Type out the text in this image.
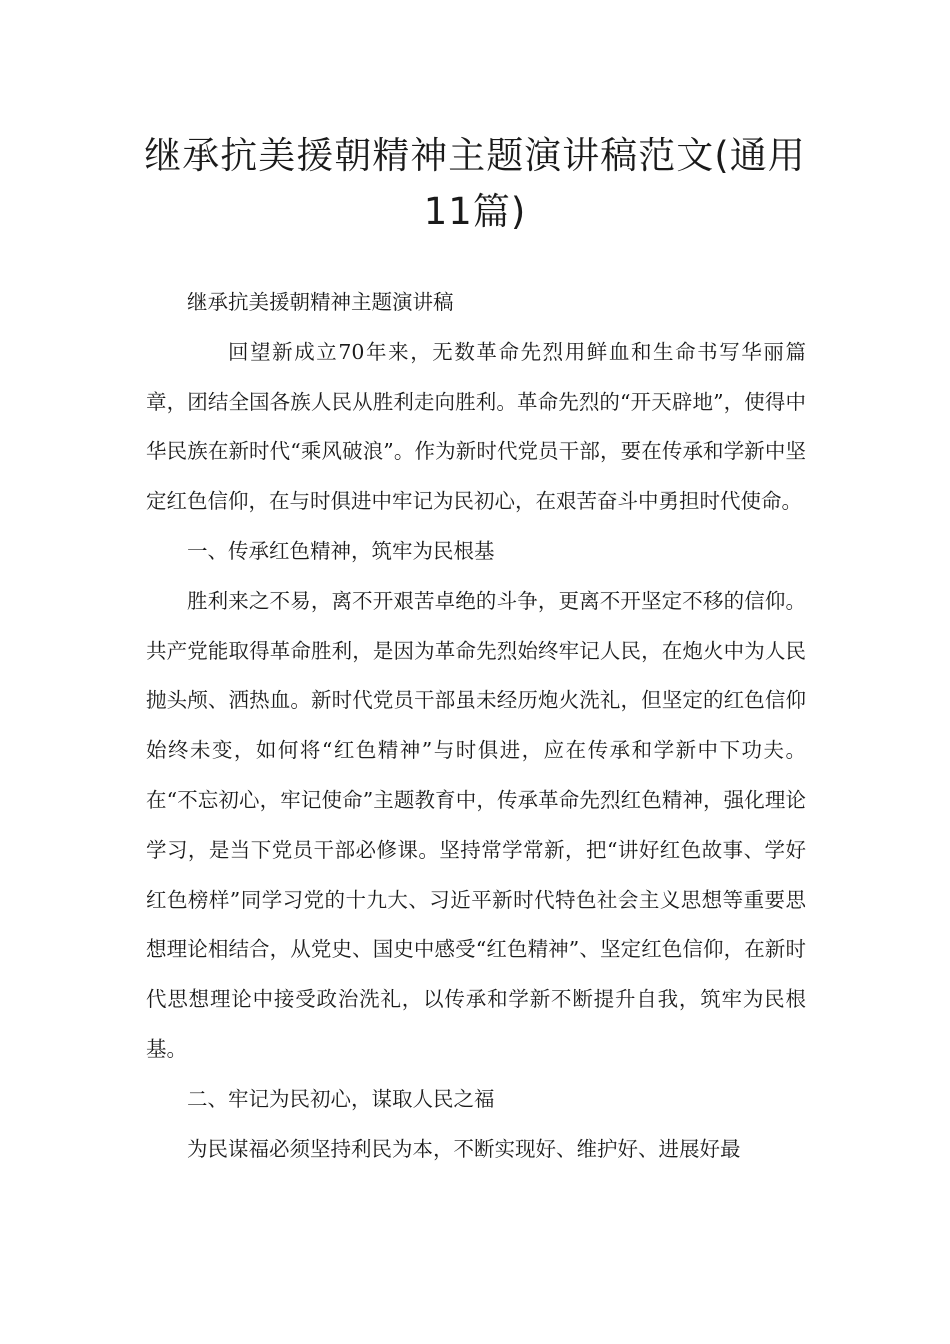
继承抗美援朝精神主题演讲稿范文(通用11篇)

继承抗美援朝精神主题演讲稿

回望新成立70年来，无数革命先烈用鲜血和生命书写华丽篇章，团结全国各族人民从胜利走向胜利。革命先烈的“开天辟地”，使得中华民族在新时代“乘风破浪”。作为新时代党员干部，要在传承和学新中坚定红色信仰，在与时俱进中牢记为民初心，在艰苦奋斗中勇担时代使命。

一、传承红色精神，筑牢为民根基

胜利来之不易，离不开艰苦卓绝的斗争，更离不开坚定不移的信仰。共产党能取得革命胜利，是因为革命先烈始终牢记人民，在炮火中为人民抛头颅、洒热血。新时代党员干部虽未经历炮火洗礼，但坚定的红色信仰始终未变，如何将“红色精神”与时俱进，应在传承和学新中下功夫。在“不忘初心，牢记使命”主题教育中，传承革命先烈红色精神，强化理论学习，是当下党员干部必修课。坚持常学常新，把“讲好红色故事、学好红色榜样”同学习党的十九大、习近平新时代特色社会主义思想等重要思想理论相结合，从党史、国史中感受“红色精神”、坚定红色信仰，在新时代思想理论中接受政治洗礼，以传承和学新不断提升自我，筑牢为民根基。

二、牢记为民初心，谋取人民之福

为民谋福必须坚持利民为本，不断实现好、维护好、进展好最
